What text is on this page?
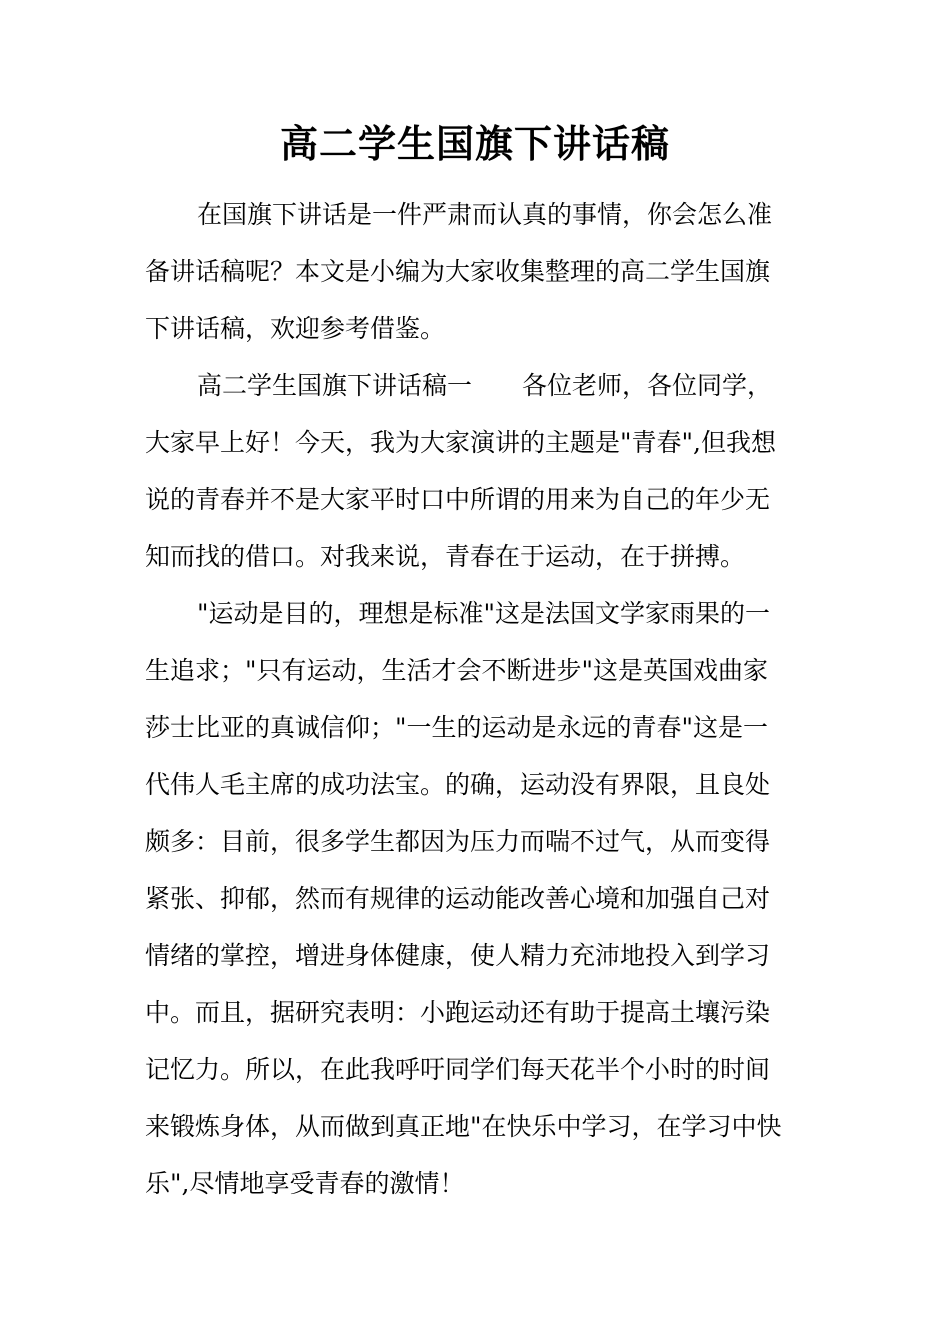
高二学生国旗下讲话稿

在国旗下讲话是一件严肃而认真的事情，你会怎么准
备讲话稿呢？本文是小编为大家收集整理的高二学生国旗
下讲话稿，欢迎参考借鉴。

高二学生国旗下讲话稿一　　各位老师，各位同学，
大家早上好！今天，我为大家演讲的主题是"青春",但我想
说的青春并不是大家平时口中所谓的用来为自己的年少无
知而找的借口。对我来说，青春在于运动，在于拼搏。

"运动是目的，理想是标准"这是法国文学家雨果的一
生追求；"只有运动，生活才会不断进步"这是英国戏曲家
莎士比亚的真诚信仰；"一生的运动是永远的青春"这是一
代伟人毛主席的成功法宝。的确，运动没有界限，且良处
颇多：目前，很多学生都因为压力而喘不过气，从而变得
紧张、抑郁，然而有规律的运动能改善心境和加强自己对
情绪的掌控，增进身体健康，使人精力充沛地投入到学习
中。而且，据研究表明：小跑运动还有助于提高土壤污染
记忆力。所以，在此我呼吁同学们每天花半个小时的时间
来锻炼身体，从而做到真正地"在快乐中学习，在学习中快
乐",尽情地享受青春的激情！
